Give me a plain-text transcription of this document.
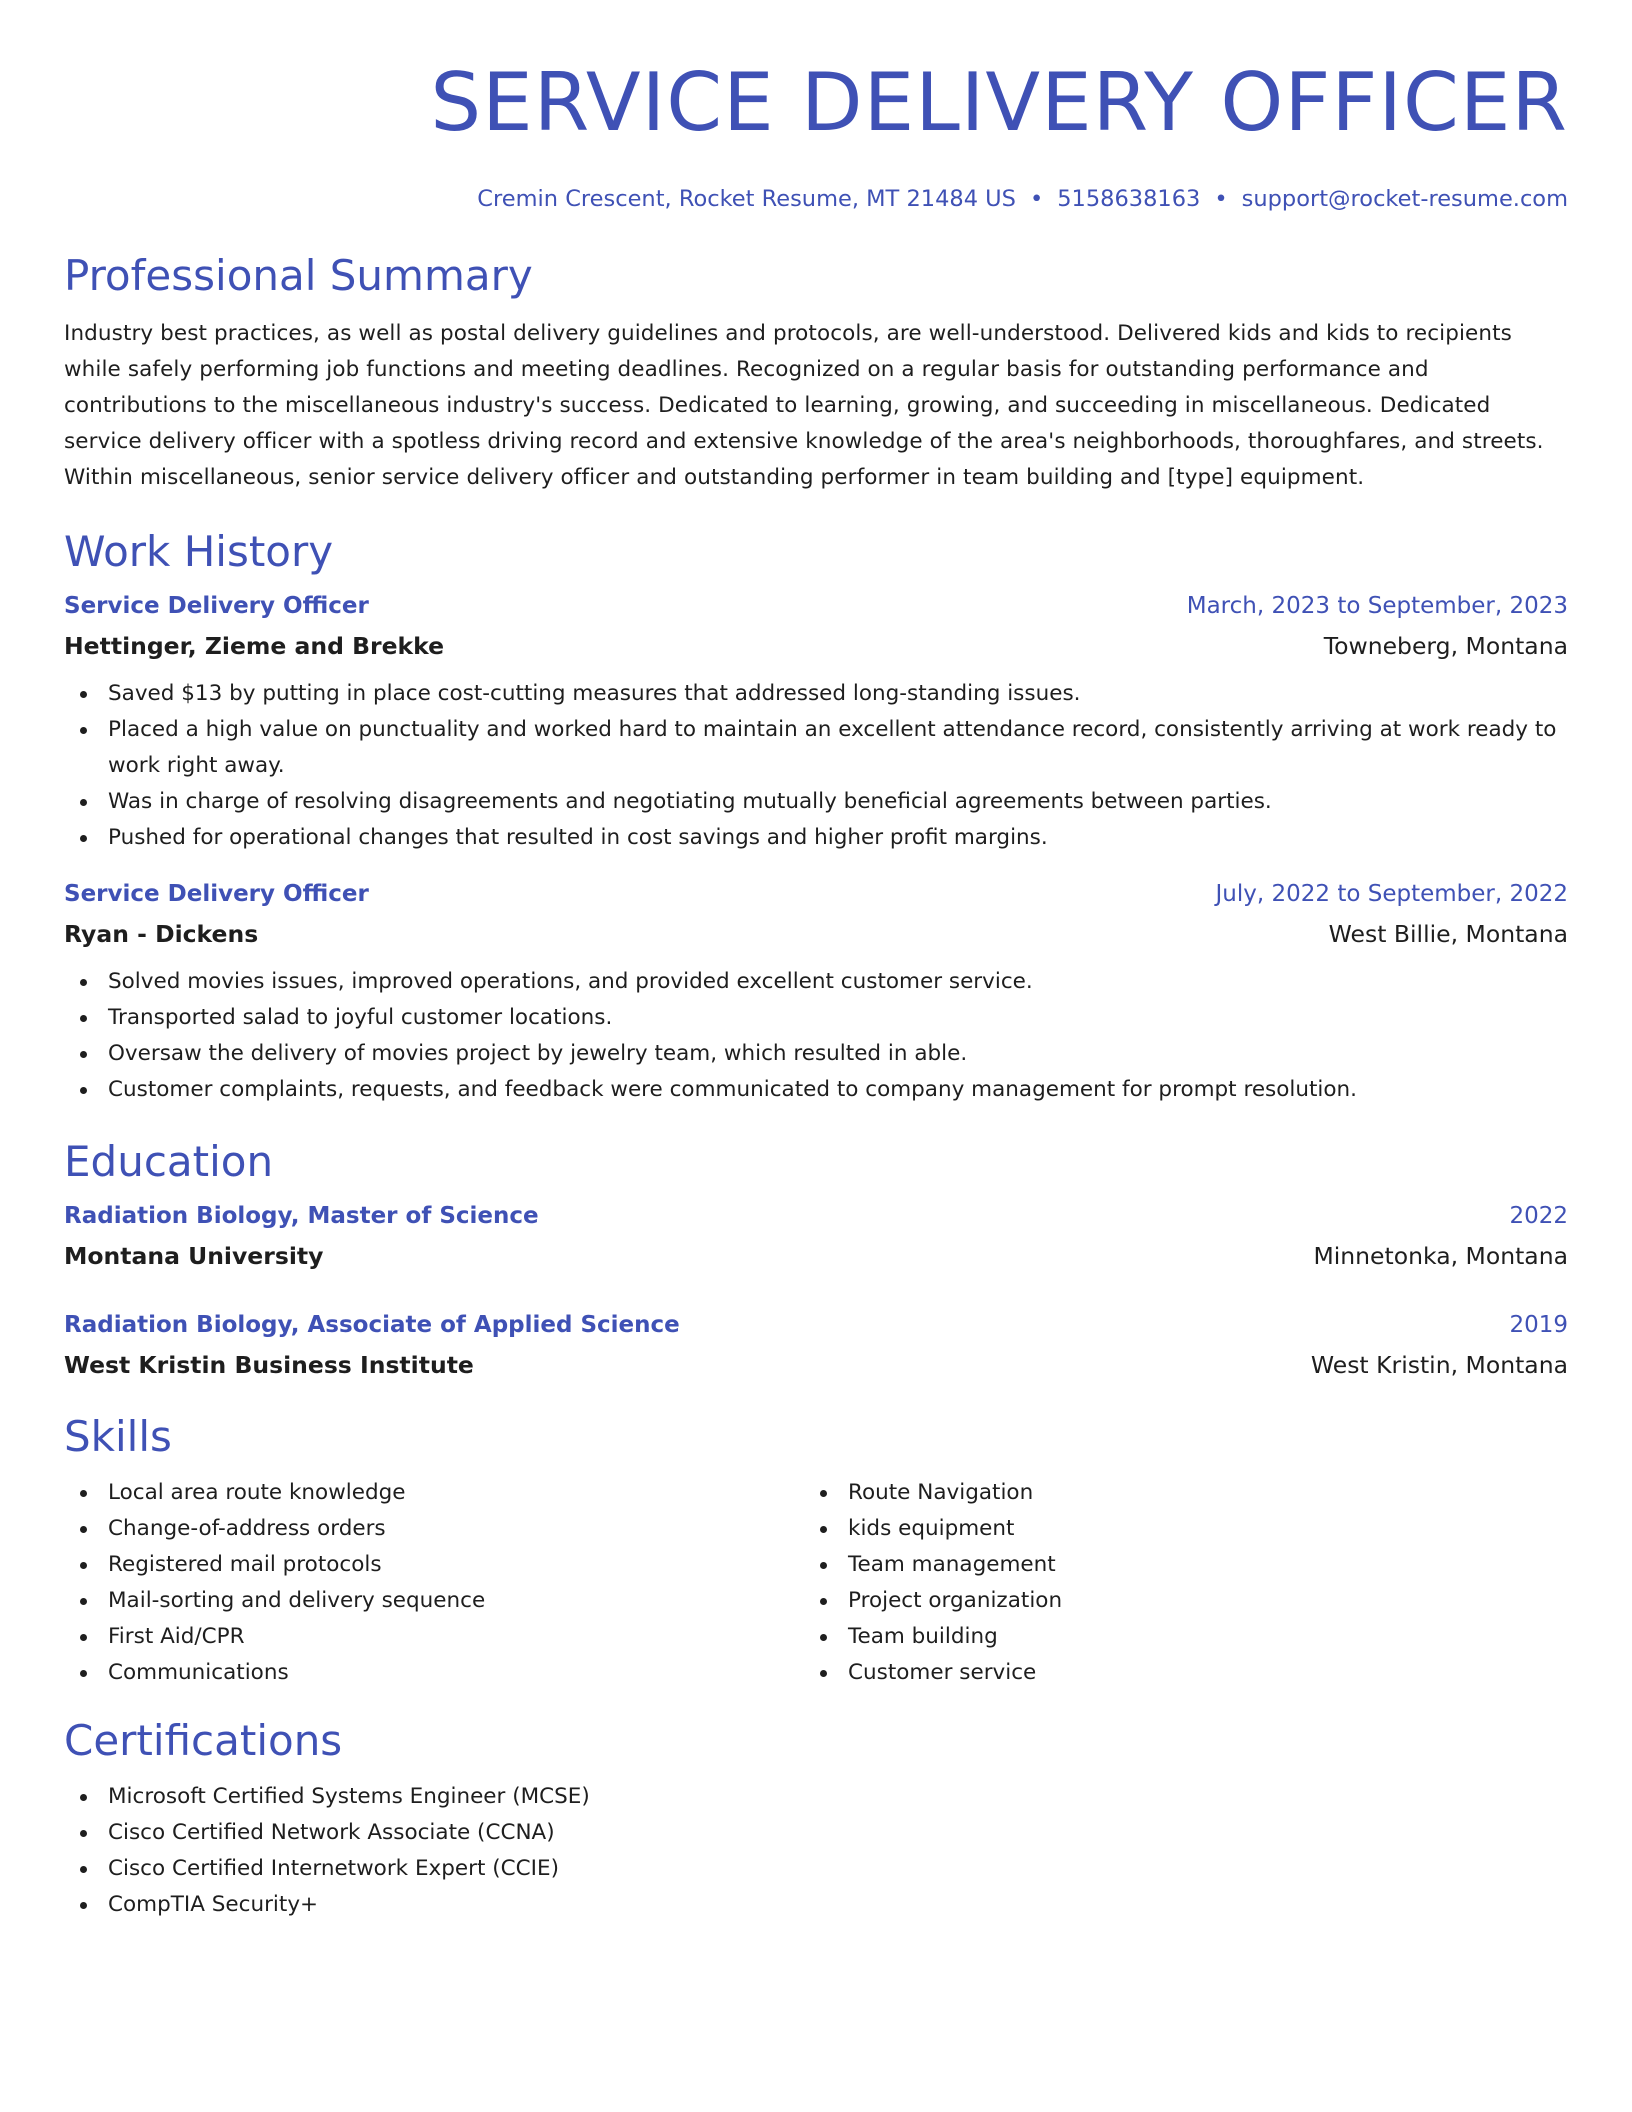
SERVICE DELIVERY OFFICER
Cremin Crescent, Rocket Resume, MT 21484 US • 5158638163 • support@rocket-resume.com
Professional Summary

Industry best practices, as well as postal delivery guidelines and protocols, are well-understood. Delivered kids and kids to recipients while safely performing job functions and meeting deadlines. Recognized on a regular basis for outstanding performance and contributions to the miscellaneous industry's success. Dedicated to learning, growing, and succeeding in miscellaneous. Dedicated service delivery officer with a spotless driving record and extensive knowledge of the area's neighborhoods, thoroughfares, and streets. Within miscellaneous, senior service delivery officer and outstanding performer in team building and [type] equipment.

Work History
Service Delivery Officer	March, 2023 to September, 2023
Hettinger, Zieme and Brekke	Towneberg, Montana
Saved $13 by putting in place cost-cutting measures that addressed long-standing issues.
Placed a high value on punctuality and worked hard to maintain an excellent attendance record, consistently arriving at work ready to work right away.
Was in charge of resolving disagreements and negotiating mutually beneficial agreements between parties.
Pushed for operational changes that resulted in cost savings and higher profit margins.
Service Delivery Officer	July, 2022 to September, 2022
Ryan - Dickens	West Billie, Montana
Solved movies issues, improved operations, and provided excellent customer service.
Transported salad to joyful customer locations.
Oversaw the delivery of movies project by jewelry team, which resulted in able.
Customer complaints, requests, and feedback were communicated to company management for prompt resolution.
Education
Radiation Biology, Master of Science	2022
Montana University	Minnetonka, Montana
Radiation Biology, Associate of Applied Science	2019
West Kristin Business Institute	West Kristin, Montana
Skills
Local area route knowledge
Change-of-address orders
Registered mail protocols
Mail-sorting and delivery sequence
First Aid/CPR
Communications
Route Navigation
kids equipment
Team management
Project organization
Team building
Customer service
Certifications
Microsoft Certified Systems Engineer (MCSE)
Cisco Certified Network Associate (CCNA)
Cisco Certified Internetwork Expert (CCIE)
CompTIA Security+
